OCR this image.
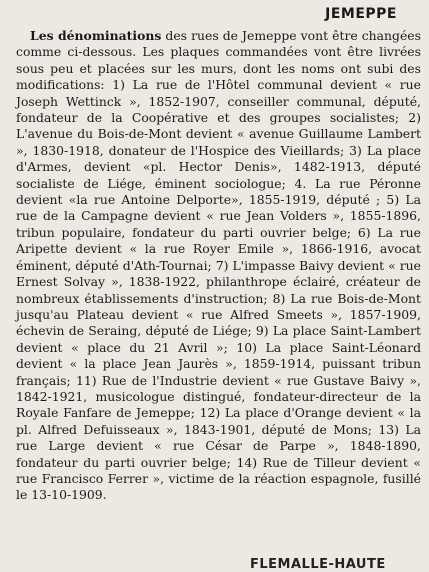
JEMEPPE
Les dénominations des rues de Jemeppe vont être changées comme ci-dessous. Les plaques commandées vont être livrées sous peu et placées sur les murs, dont les noms ont subi des modifications: 1) La rue de l'Hôtel communal devient « rue Joseph Wettinck », 1852-1907, conseiller communal, député, fondateur de la Coopérative et des groupes socialistes; 2) L'avenue du Bois-de-Mont devient « avenue Guillaume Lambert », 1830-1918, donateur de l'Hospice des Vieillards; 3) La place d'Armes, devient «pl. Hector Denis», 1482-1913, député socialiste de Liége, éminent sociologue; 4. La rue Péronne devient «la rue Antoine Delporte», 1855-1919, député ; 5) La rue de la Campagne devient « rue Jean Volders », 1855-1896, tribun populaire, fondateur du parti ouvrier belge; 6) La rue Aripette devient « la rue Royer Emile », 1866-1916, avocat éminent, député d'Ath-Tournai; 7) L'impasse Baivy devient « rue Ernest Solvay », 1838-1922, philanthrope éclairé, créateur de nombreux établissements d'instruction; 8) La rue Bois-de-Mont jusqu'au Plateau devient « rue Alfred Smeets », 1857-1909, échevin de Seraing, député de Liége; 9) La place Saint-Lambert devient « place du 21 Avril »; 10) La place Saint-Léonard devient « la place Jean Jaurès », 1859-1914, puissant tribun français; 11) Rue de l'Industrie devient « rue Gustave Baivy », 1842-1921, musicologue distingué, fondateur-directeur de la Royale Fanfare de Jemeppe; 12) La place d'Orange devient « la pl. Alfred Defuisseaux », 1843-1901, député de Mons; 13) La rue Large devient « rue César de Parpe », 1848-1890, fondateur du parti ouvrier belge; 14) Rue de Tilleur devient « rue Francisco Ferrer », victime de la réaction espagnole, fusillé le 13-10-1909.
FLEMALLE-HAUTE
